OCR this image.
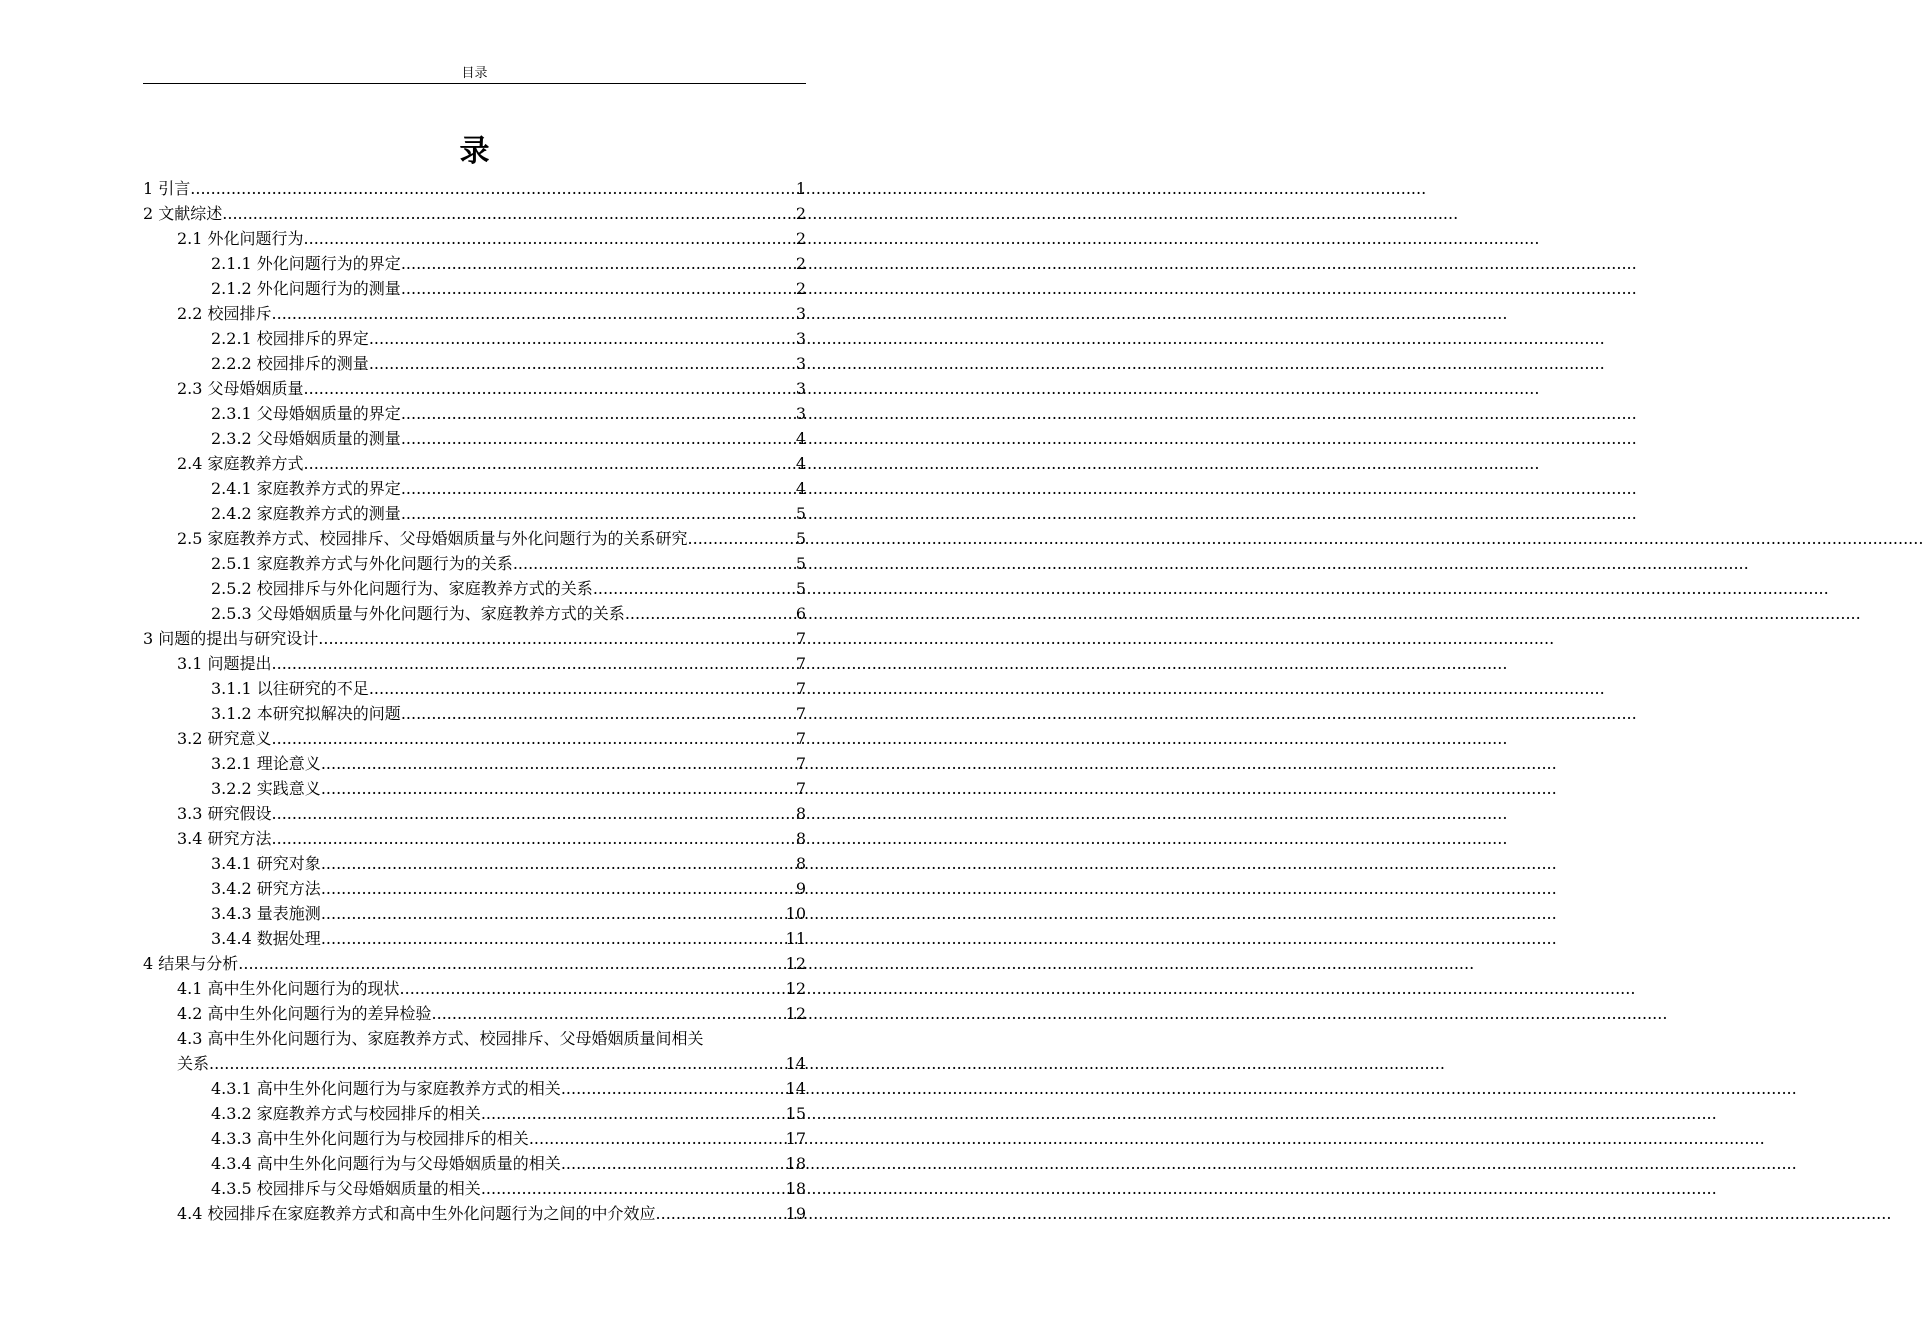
目录
录
1 引言 .....	1
2 文献综述 .....	2
2.1 外化问题行为 .....	2
2.1.1 外化问题行为的界定 .....	2
2.1.2 外化问题行为的测量 .....	2
2.2 校园排斥 .....	3
2.2.1 校园排斥的界定 .....	3
2.2.2 校园排斥的测量 .....	3
2.3 父母婚姻质量 .....	3
2.3.1 父母婚姻质量的界定 .....	3
2.3.2 父母婚姻质量的测量 .....	4
2.4 家庭教养方式 .....	4
2.4.1 家庭教养方式的界定 .....	4
2.4.2 家庭教养方式的测量 .....	5
2.5 家庭教养方式、校园排斥、父母婚姻质量与外化问题行为的关系研究 .....	5
2.5.1 家庭教养方式与外化问题行为的关系 .....	5
2.5.2 校园排斥与外化问题行为、家庭教养方式的关系 .....	5
2.5.3 父母婚姻质量与外化问题行为、家庭教养方式的关系 .....	6
3 问题的提出与研究设计 .....	7
3.1 问题提出 .....	7
3.1.1 以往研究的不足 .....	7
3.1.2 本研究拟解决的问题 .....	7
3.2 研究意义 .....	7
3.2.1 理论意义 .....	7
3.2.2 实践意义 .....	7
3.3 研究假设 .....	8
3.4 研究方法 .....	8
3.4.1 研究对象 .....	8
3.4.2 研究方法 .....	9
3.4.3 量表施测 .....	10
3.4.4 数据处理 .....	11
4 结果与分析 .....	12
4.1 高中生外化问题行为的现状 .....	12
4.2 高中生外化问题行为的差异检验 .....	12
4.3 高中生外化问题行为、家庭教养方式、校园排斥、父母婚姻质量间相关
关系 .....	14
4.3.1 高中生外化问题行为与家庭教养方式的相关 .....	14
4.3.2 家庭教养方式与校园排斥的相关 .....	15
4.3.3 高中生外化问题行为与校园排斥的相关 .....	17
4.3.4 高中生外化问题行为与父母婚姻质量的相关 .....	18
4.3.5 校园排斥与父母婚姻质量的相关 .....	18
4.4 校园排斥在家庭教养方式和高中生外化问题行为之间的中介效应 .....	19
